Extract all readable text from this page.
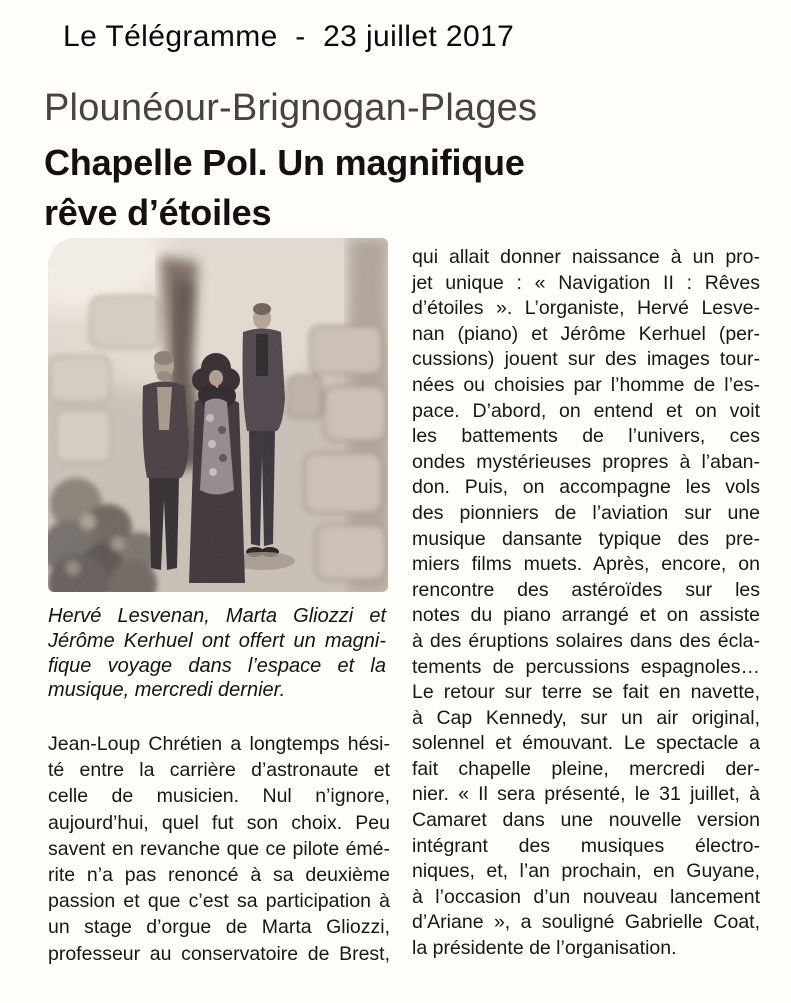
Le Télégramme  -  23 juillet 2017
Plounéour-Brignogan-Plages
Chapelle Pol. Un magnifique
rêve d’étoiles
Hervé Lesvenan, Marta Gliozzi et
Jérôme Kerhuel ont offert un magni-
fique voyage dans l’espace et la
musique, mercredi dernier.
Jean-Loup Chrétien a longtemps hési-
té entre la carrière d’astronaute et
celle de musicien. Nul n’ignore,
aujourd’hui, quel fut son choix. Peu
savent en revanche que ce pilote émé-
rite n’a pas renoncé à sa deuxième
passion et que c’est sa participation à
un stage d’orgue de Marta Gliozzi,
professeur au conservatoire de Brest,
qui allait donner naissance à un pro-
jet unique : « Navigation II : Rêves
d’étoiles ». L’organiste, Hervé Lesve-
nan (piano) et Jérôme Kerhuel (per-
cussions) jouent sur des images tour-
nées ou choisies par l’homme de l’es-
pace. D’abord, on entend et on voit
les battements de l’univers, ces
ondes mystérieuses propres à l’aban-
don. Puis, on accompagne les vols
des pionniers de l’aviation sur une
musique dansante typique des pre-
miers films muets. Après, encore, on
rencontre des astéroïdes sur les
notes du piano arrangé et on assiste
à des éruptions solaires dans des écla-
tements de percussions espagnoles…
Le retour sur terre se fait en navette,
à Cap Kennedy, sur un air original,
solennel et émouvant. Le spectacle a
fait chapelle pleine, mercredi der-
nier. « Il sera présenté, le 31 juillet, à
Camaret dans une nouvelle version
intégrant des musiques électro-
niques, et, l’an prochain, en Guyane,
à l’occasion d’un nouveau lancement
d’Ariane », a souligné Gabrielle Coat,
la présidente de l’organisation.
